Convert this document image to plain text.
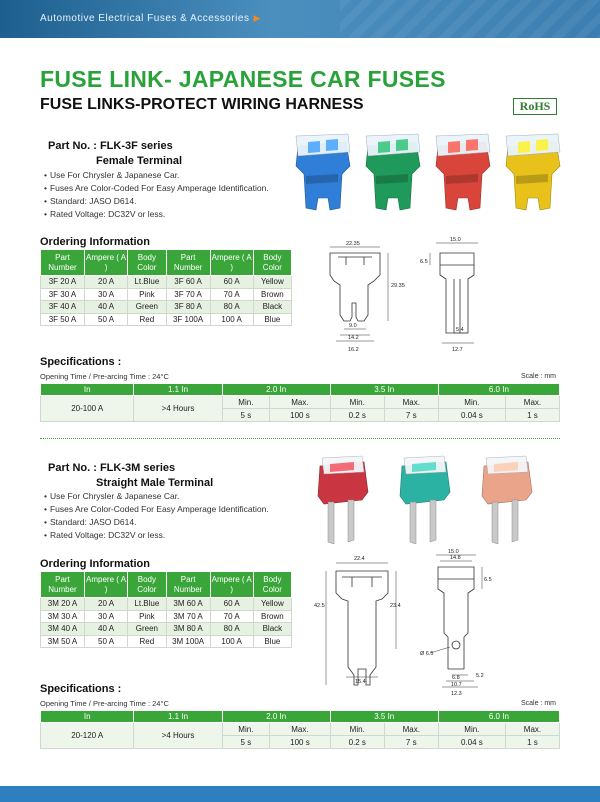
Automotive Electrical Fuses & Accessories ▶
FUSE LINK- JAPANESE CAR FUSES
FUSE LINKS-PROTECT WIRING HARNESS	RoHS
Part No. : FLK-3F series
Female Terminal
• Use For Chrysler & Japanese Car.
• Fuses Are Color-Coded For Easy Amperage Identification.
• Standard: JASO D614.
• Rated Voltage: DC32V or less.
Ordering Information
Part Number	Ampere ( A )	Body Color	Part Number	Ampere ( A )	Body Color
3F 20 A	20 A	Lt.Blue	3F 60 A	60 A	Yellow
3F 30 A	30 A	Pink	3F 70 A	70 A	Brown
3F 40 A	40 A	Green	3F 80 A	80 A	Black
3F 50 A	50 A	Red	3F 100A	100 A	Blue
22.35
29.35
9.0
14.2
16.2
15.0
6.5
5.4
12.7
Specifications :
Opening Time / Pre-arcing Time : 24°C	Scale : mm
In	1.1 In	2.0 In		3.5 In		6.0 In	
20-100 A	>4 Hours	Min.	Max.	Min.	Max.	Min.	Max.
		5 s	100 s	0.2 s	7 s	0.04 s	1 s
Part No. : FLK-3M series
Straight Male Terminal
• Use For Chrysler & Japanese Car.
• Fuses Are Color-Coded For Easy Amperage Identification.
• Standard: JASO D614.
• Rated Voltage: DC32V or less.
Ordering Information
Part Number	Ampere ( A )	Body Color	Part Number	Ampere ( A )	Body Color
3M 20 A	20 A	Lt.Blue	3M 60 A	60 A	Yellow
3M 30 A	30 A	Pink	3M 70 A	70 A	Brown
3M 40 A	40 A	Green	3M 80 A	80 A	Black
3M 50 A	50 A	Red	3M 100A	100 A	Blue
22.4
42.5	23.4
15.4
15.0
14.8
6.5
Ø 6.5
5.2
6.8
10.7
12.3
Specifications :
Opening Time / Pre-arcing Time : 24°C	Scale : mm
In	1.1 In	2.0 In		3.5 In		6.0 In	
20-120 A	>4 Hours	Min.	Max.	Min.	Max.	Min.	Max.
		5 s	100 s	0.2 s	7 s	0.04 s	1 s
